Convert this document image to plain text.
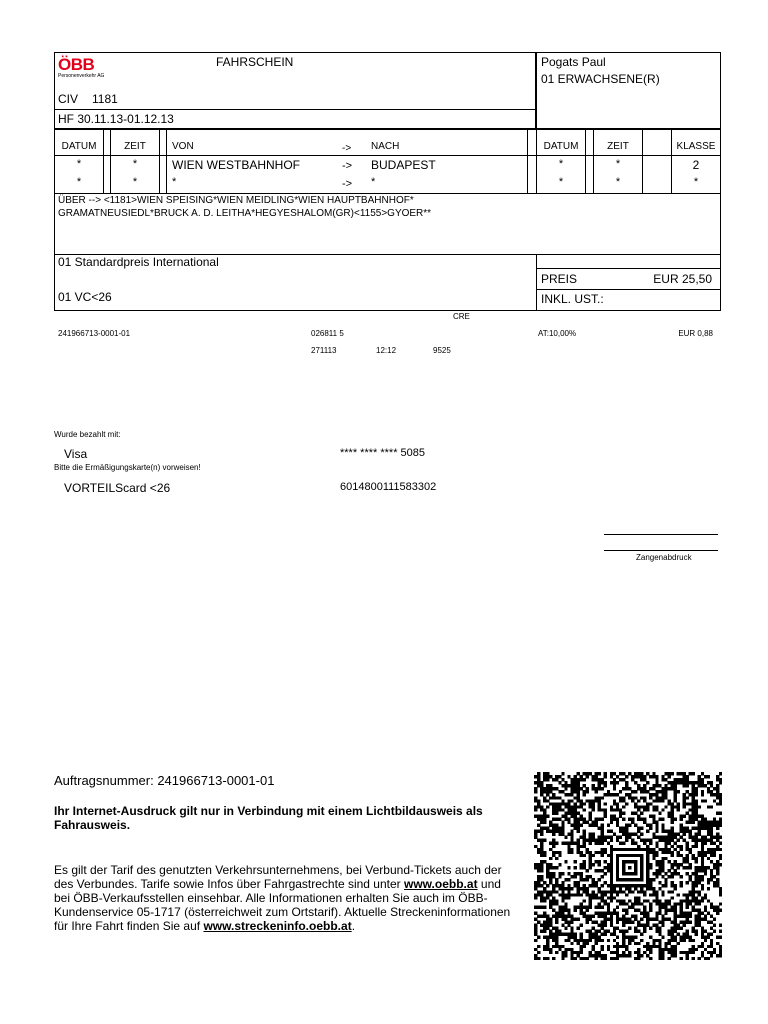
ÖBB
Personenverkehr AG
FAHRSCHEIN
CIV 1181
HF 30.11.13-01.12.13
Pogats Paul
01 ERWACHSENE(R)
DATUM	ZEIT	VON	-> NACH	DATUM	ZEIT	KLASSE
*	*	WIEN WESTBAHNHOF	-> BUDAPEST	*	*	2
*	*	*	-> *	*	*	*
ÜBER --> <1181>WIEN SPEISING*WIEN MEIDLING*WIEN HAUPTBAHNHOF*
GRAMATNEUSIEDL*BRUCK A. D. LEITHA*HEGYESHALOM(GR)<1155>GYOER**
01 Standardpreis International
01 VC<26
PREIS	EUR 25,50
INKL. UST.:
CRE
241966713-0001-01	026811 5	AT:10,00%	EUR 0,88
271113	12:12	9525
Wurde bezahlt mit:
Visa	**** **** **** 5085
Bitte die Ermäßigungskarte(n) vorweisen!
VORTEILScard <26	6014800111583302
Zangenabdruck
Auftragsnummer: 241966713-0001-01
Ihr Internet-Ausdruck gilt nur in Verbindung mit einem Lichtbildausweis als Fahrausweis.
Es gilt der Tarif des genutzten Verkehrsunternehmens, bei Verbund-Tickets auch der des Verbundes. Tarife sowie Infos über Fahrgastrechte sind unter www.oebb.at und bei ÖBB-Verkaufsstellen einsehbar. Alle Informationen erhalten Sie auch im ÖBB-Kundenservice 05-1717 (österreichweit zum Ortstarif). Aktuelle Streckeninformationen für Ihre Fahrt finden Sie auf www.streckeninfo.oebb.at.
